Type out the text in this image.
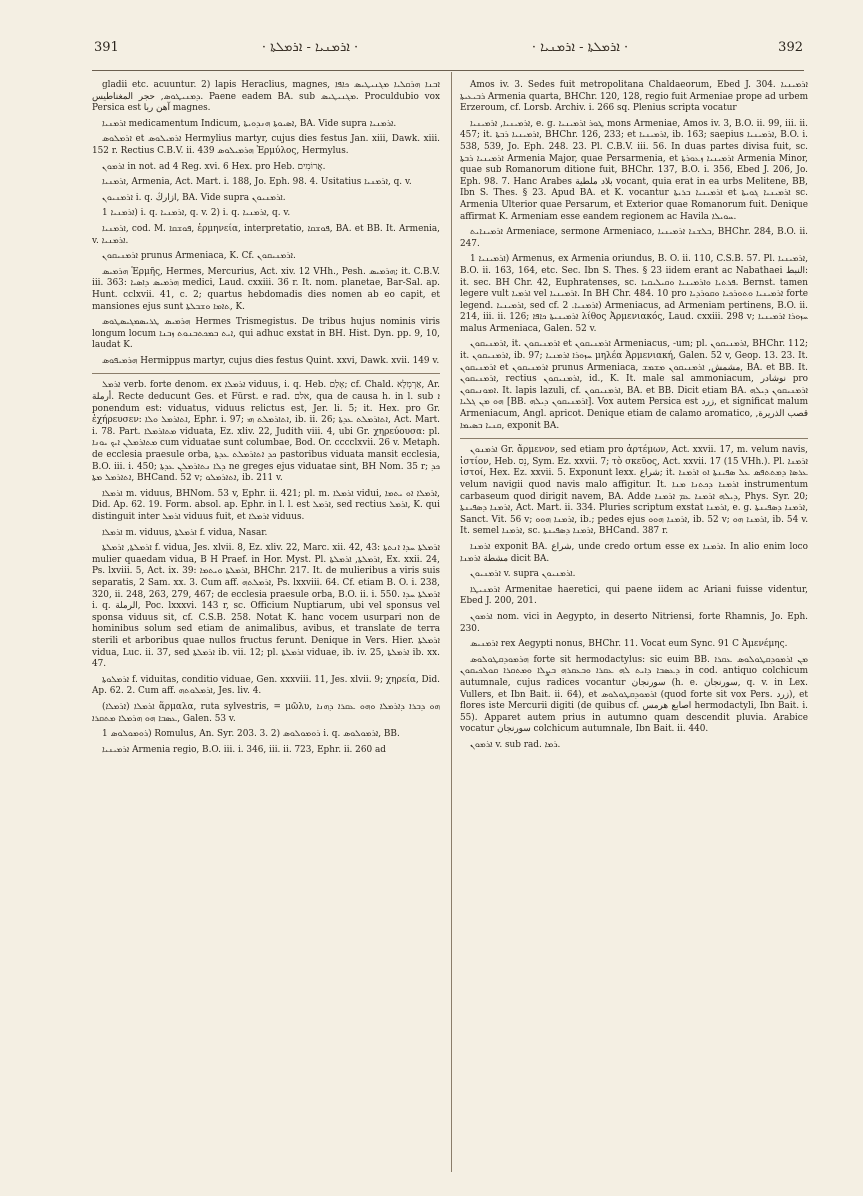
391	· ܐܪܡܢܝܐ - ܐܪܡܠܬܐ ·	· ܐܪܡܠܬܐ - ܐܪܡܢܝܐ ·	392

gladii etc. acuuntur. 2) lapis Heraclius, magnes, ܐܒܢܐ ܗܪܩܠܝܐ ܡܓܢܝܛܝܣ ܟܐܦܐ ܕܡܢܝܛܘܣ, حجر المغناطيس. Paene eadem BA. sub ܡܓܢܝܛܝܣ. Proculdubio vox Persica est آهن ربا magnes.

ܐܪܡܢܝܐ medicamentum Indicum, ܐܣܝܘܬܐ ܗܢܕܘܝܬܐ, BA. Vide supra ܐܪܡܢܝܐ.

ܐܪܡܠܘܣ et ܐܪܡܝܠܘܣ Hermylius martyr, cujus dies festus Jan. xiii, Dawk. xiii. 152 r. Rectius C.B.V. ii. 439 ܗܪܡܝܠܘܣ Ἑρμύλος, Hermylus.

ܐܪܡܘܢ in not. ad 4 Reg. xvi. 6 Hex. pro Heb. אֲרוֹמִים.

ܐܪܡܢܝܐ, Armenia, Act. Mart. i. 188, Jo. Eph. 98. 4. Usitatius ܐܪܡܢܝܐ, q. v.

ܐܪܡܢܝܘܢ i. q. ازارڭ, BA. Vide supra ܐܪܡܢܝܘܢ.

ܐܪܡܢܝܐ 1) i. q. ܐܪܡܢܝܐ, q. v. 2) i. q. ܐܪܡܢܝܐ, q. v.

ܐܪܡܢܝܐ, cod. M. ܦܘܫܩܐ, ἑρμηνεία, interpretatio, ܦܘܫܩܐ, BA. et BB. It. Armenia, v. ܐܪܡܢܝܐ.

ܐܪܡܢܝܩܘܢ prunus Armeniaca, K. Cf. ܐܪܡܢܝܩܘܢ.

ܗܪܡܝܣ Ἑρμῆς, Hermes, Mercurius, Act. xiv. 12 VHh., Pesh. ܗܪܡܝܣ; it. C.B.V. iii. 363: ܗܪܡܝܣ ܕܐܣܝܐ medici, Laud. cxxiii. 36 r. It. nom. planetae, Bar-Sal. ap. Hunt. cclxvii. 41, c. 2; quartus hebdomadis dies nomen ab eo capit, et mansiones ejus sunt ܬܐܡܐ ܘܫܒܠܬܐ, K.

ܗܪܡܝܣ ܛܪܝܣܡܓܝܣܛܘܣ Hermes Trismegistus. De tribus hujus nominis viris longum locum ܐܝܬ ܒܡܟܬܒܢܘܬ ܙܒܢܐ, qui adhuc exstat in BH. Hist. Dyn. pp. 9, 10, laudat K.

ܗܪܡܝܦܘܣ Hermippus martyr, cujus dies festus Quint. xxvi, Dawk. xvii. 149 v.

ܐܪܡܠ verb. forte denom. ex ܐܪܡܠܐ viduus, i. q. Heb. אָלַם; cf. Chald. אַרְמְלָא, Ar. أرملة. Recte deducunt Ges. et Fürst. e rad. אלם, qua de causa h. in l. sub ܐ ponendum est: viduatus, viduus relictus est, Jer. li. 5; it. Hex. pro Gr. ἐχήρευσεν: ܐܬܐܪܡܠ ܘܠܐ, Ephr. i. 97; ܐܬܐܪܡܠܬ ܗܝ, ib. ii. 26; ܐܬܐܪܡܠܬ ܥܕܬܐ, Act. Mart. i. 78. Part. ܡܬܐܪܡܠܐ viduata, Ez. xliv. 22, Judith viii. 4, ubi Gr. χηρεύουσα: pl. ܡܬܐܪܡܠܢ ܐܝܟ ܝܘܢܐ cum viduatae sunt columbae, Bod. Or. cccclxvii. 26 v. Metaph. de ecclesia praesule orba, ܟܕ ܐܬܐܪܡܠܬ ܥܕܬܐ pastoribus viduata mansit ecclesia, B.O. iii. i. 450; ܕܠܐ ܢܬܐܪܡܠܢ ܥܕܬܐ ne greges ejus viduatae sint, BH Nom. 35 r; ܟܕ ܐܬܐܪܡܠ ܡܬܐ, BHCand. 52 v; ܐܬܐܪܡܠܘ, ib. 211 v.

ܐܪܡܠܐ m. viduus, BHNom. 53 v, Ephr. ii. 421; pl. m. ܐܪܡܠܐ vidui, ܐܪܡܠܐ ܐܘ ܝܬܡܐ, Did. Ap. 62. 19. Form. absol. ap. Ephr. in l. l. est ܐܪܡܠ, sed rectius ܐܪܡܠ, K. qui distinguit inter ܐܪܡܠ viduus fuit, et ܐܪܡܠܐ viduus.

ܐܪܡܠܐ m. viduus, ܐܪܡܠܬܐ f. vidua, Nasar.

ܐܪܡܠܬܐ, ܐܪܡܠܬܐ f. vidua, Jes. xlvii. 8, Ez. xliv. 22, Marc. xii. 42, 43: ܐܪܡܠܬܐ ܚܕܐ ܐܢܬܬܐ mulier quaedam vidua, B H Praef. in Hor. Myst. Pl. ܐܪܡܠܬܐ, ܐܪܡܠܬܐ, Ex. xxii. 24, Ps. lxviii. 5, Act. ix. 39: ܐܪܡܠܬܐ ܘܝܬܡܐ, BHChr. 217. It. de mulieribus a viris suis separatis, 2 Sam. xx. 3. Cum aff. ܐܪܡܠܬܗ, Ps. lxxviii. 64. Cf. etiam B. O. i. 238, 320, ii. 248, 263, 279, 467; de ecclesia praesule orba, B.O. ii. i. 550. ܐܪܡܠܬܐ ܚܕܐ i. q. الرملة, Poc. lxxxvi. 143 r, sc. Officium Nuptiarum, ubi vel sponsus vel sponsa viduus sit, cf. C.S.B. 258. Notat K. hanc vocem usurpari non de hominibus solum sed etiam de animalibus, avibus, et translate de terra sterili et arboribus quae nullos fructus ferunt. Denique in Vers. Hier. ܐܪܡܠܬܐ vidua, Luc. ii. 37, sed ܐܪܡܠܬܐ ib. vii. 12; pl. ܐܪܡܠܬܐ viduae, ib. iv. 25, ܐܪܡܠܬܐ ib. xx. 47.

ܐܪܡܠܘܬܐ f. viduitas, conditio viduae, Gen. xxxviii. 11, Jes. xlvii. 9; χηρεία, Did. Ap. 62. 2. Cum aff. ܐܪܡܠܘܬܗ, Jes. liv. 4.

ܐܪܡܠܐ (ܐܪܡܠܐ) ἅρμαλα, ruta sylvestris, = μῶλυ, ܗܘ ܕܒܪܐ ܕܐܪܡܠܐ ܘܗܘ ܥܩܪܐ ܕܗܢܐ ܥܣܒܐ ܗܘ ܗܪܡܠܐ ܡܬܩܪܐ, Galen. 53 v.

ܪܘܡܘܠܘܣ 1) Romulus, An. Syr. 203. 3. 2) ܪܘܡܘܠܘܣ i. q. ܐܪܡܘܠܘܣ, BB.

ܐܪܡܝܢܝܐ Armenia regio, B.O. iii. i. 346, iii. ii. 723, Ephr. ii. 260 ad

Amos iv. 3. Sedes fuit metropolitana Chaldaeorum, Ebed J. 304. ܐܪܡܝܢܝܐ ܪܒܝܥܝܬܐ Armenia quarta, BHChr. 120, 128, regio fuit Armeniae prope ad urbem Erzeroum, cf. Lorsb. Archiv. i. 266 sq. Plenius scripta vocatur

ܐܪܡܝܢܝܐ, ܐܪܡܝܢܝܐ, e. g. ܛܘܪ ܐܪܡܝܢܝܐ mons Armeniae, Amos iv. 3, B.O. ii. 99, iii. ii. 457; it. ܐܪܡܝܢܝܐ ܪܒܬܐ, BHChr. 126, 233; et ܐܪܡܝܢܝܐ, ib. 163; saepius ܐܪܡܝܢܝܐ, B.O. i. 538, 539, Jo. Eph. 248. 23. Pl. C.B.V. iii. 56. In duas partes divisa fuit, sc. ܐܪܡܝܢܝܐ ܪܒܬܐ Armenia Major, quae Persarmenia, et ܐܪܡܝܢܝܐ ܙܥܘܪܬܐ Armenia Minor, quae sub Romanorum ditione fuit, BHChr. 137, B.O. i. 356, Ebed J. 206, Jo. Eph. 98. 7. Hanc Arabes بلاد ملطية vocant, quia erat in ea urbs Melitene, BB, Ibn S. Thes. § 23. Apud BA. et K. vocantur ܐܪܡܝܢܝܐ ܒܪܝܬܐ et ܐܪܡܝܢܝܐ ܓܘܝܬܐ sc. Armenia Ulterior quae Persarum, et Exterior quae Romanorum fuit. Denique affirmat K. Armeniam esse eandem regionem ac Havila ܚܘܝܠܐ.

ܐܪܡܝܢܐܝܬ Armeniace, sermone Armeniaco, ܒܠܫܢܐ ܐܪܡܝܢܝܐ, BHChr. 284, B.O. ii. 247.

ܐܪܡܝܢܝܐ 1) Armenus, ex Armenia oriundus, B. O. ii. 110, C.S.B. 57. Pl. ܐܪܡܝܢܝܐ, B.O. ii. 163, 164, etc. Sec. Ibn S. Thes. § 23 iidem erant ac Nabathaei النبط: it. sec. BH Chr. 42, Euphratenses, sc. ܦܪܬܝܐ ܘܐܪܡܝܢܝܐ ܘܩܝܠܝܩܝܐ. Bernst. tamen legere vult ܐܪܡܝܐ vel ܐܪܡܝܢܝܐ. In BH Chr. 484. 10 pro ܐܪܡܝܢܝܐ ܘܬܘܪܟܝܐ ܘܩܘܪܕܝܐ forte legend. ܐܪܡܝܢܝܐ, sed cf. ܐܪܡܢܝܐ. 2) Armeniacus, ad Armeniam pertinens, B.O. ii. 214, iii. ii. 126; ܐܪܡܝܢܝܬܐ ܟܐܦܐ λίθος Ἀρμενιακός, Laud. cxxiii. 298 v; ܚܙܘܪܐ ܐܪܡܝܢܝܐ malus Armeniaca, Galen. 52 v.

ܐܪܡܢܝܩܘܢ, it. ܐܪܡܢܝܩܘܢ et ܐܪܡܢܝܩܘܢ Armeniacus, -um; pl. ܐܪܡܢܝܩܘܢ, BHChr. 112; it. ܐܪܡܢܝܩܘܢ, ib. 97; ܚܙܘܪܐ ܐܪܡܢܝܐ μηλέα Ἀρμενιακή, Galen. 52 v, Geop. 13. 23. It. ܐܪܡܢܝܩܘܢ et ܐܪܡܢܝܩܘܢ prunus Armeniaca, مشمش, ܐܪܡܢܝܩܘܢ ܡܫܡܫ, BA. et BB. It. ܐܪܡܢܝܩܘܢ, rectius ܐܪܡܢܝܩܘܢ, id., K. It. male sal ammoniacum, نوشادر pro ܐܡܘܢܝܩܘܢ. It. lapis lazuli, cf. ܐܪܡܢܝܩܘܢ, BA. et BB. Dicit etiam BA. ܐܪܡܢܝܩܘܢ ܕܝܠܗ ܗܘ ܡܢ ܓܠܝܐ [BB. ܐܪܡܢܝܩܘܢ ܕܝܠܗ]. Vox autem Persica est زرد, et significat malum Armeniacum, Angl. apricot. Denique etiam de calamo aromatico, قصب الذريرة, ܩܢܝܐ ܒܣܝܡܐ, exponit BA.

ܐܪܡܢܘܢ Gr. ἄρμενον, sed etiam pro ἀρτέμων, Act. xxvii. 17, m. velum navis, ἱστίον, Heb. נֵס, Sym. Ez. xxvii. 7; τὸ σκεῦος, Act. xxvii. 17 (15 VHh.). Pl. ܐܪܡܢܐ ἱστοί, Hex. Ez. xxvii. 5. Exponunt lexx. شراع; it. ܥܪܣܐ ܕܡܬܬܦܣ ܥܠ ܣܦܝܢܬܐ ܐܘ ܐܪܡܢܐ velum navigii quod navis malo affigitur. It. ܐܪܡܢܐ ܕܟܬܢܐ ܡܢܐ instrumentum carbaseum quod dirigit navem, BA. Adde ܕܝܠܗ ܐܪܡܢܐ ܥܡ ܐܪܡܢܐ, Phys. Syr. 20; ܐܪܡܢܐ ܕܣܦܝܢܬܐ, Act. Mart. ii. 334. Pluries scriptum exstat ܐܪܡܢܐ, e. g. ܐܪܡܢܐ ܕܣܦܝܢܬܐ, Sanct. Vit. 56 v; ܐܪܡܢܐ ܗܘܘ, ib.; pedes ejus ܐܪܡܢܐ ܗܘܘ, ib. 52 v; ܐܪܡܢܐ ܗܘ, ib. 54 v. It. semel ܐܪܡܢܐ, sc. ܐܪܡܢܐ ܕܣܦܝܢܬܐ, BHCand. 387 r.

ܐܪܡܢܐ exponit BA. شراع, unde credo ortum esse ex ܐܪܡܢܐ. In alio enim loco مشطة ܐܪܡܢܐ dicit BA.

ܐܪܡܢܝܘܢ v. supra ܐܪܡܢܝܘܢ.

ܐܪܡܢܝܛܐ Armenitae haeretici, qui paene iidem ac Ariani fuisse videntur, Ebed J. 200, 201.

ܐܪܡܘܢ nom. vici in Aegypto, in deserto Nitriensi, forte Rhamnis, Jo. Eph. 230.

ܐܪܡܢܝܣ rex Aegypti nonus, BHChr. 11. Vocat eum Sync. 91 C Ἀμενέμης.

ܗܪܡܘܕܩܛܘܠܘܣ forte sit hermodactylus: sic euim BB. ܡܢ ܐܪܡܘܕܩܛܘܠܘܣ ܥܩܪܐ ܕܥܣܒܐ ܕܐܝܬ ܠܗ ܥܩܪܐ ܘܒܥܩܪܗ ܒܨܠܐ ܘܡܬܩܪܐ ܩܘܠܟܝܩܘܢ in cod. antiquo colchicum autumnale, cujus radices vocantur سورنجان (h. e. سورنجان, q. v. in Lex. Vullers, et Ibn Bait. ii. 64), et ܐܪܡܘܕܩܛܘܠܘܣ (quod forte sit vox Pers. زرد), et flores iste Mercurii digiti (de quibus cf. اصابع هرمس hermodactyli, Ibn Bait. i. 55). Apparet autem prius in autumno quam descendit pluvia. Arabice vocatur سورنجان colchicum autumnale, Ibn Bait. ii. 440.

ܐܪܡܘܢ v. sub rad. ܪܡܐ.
